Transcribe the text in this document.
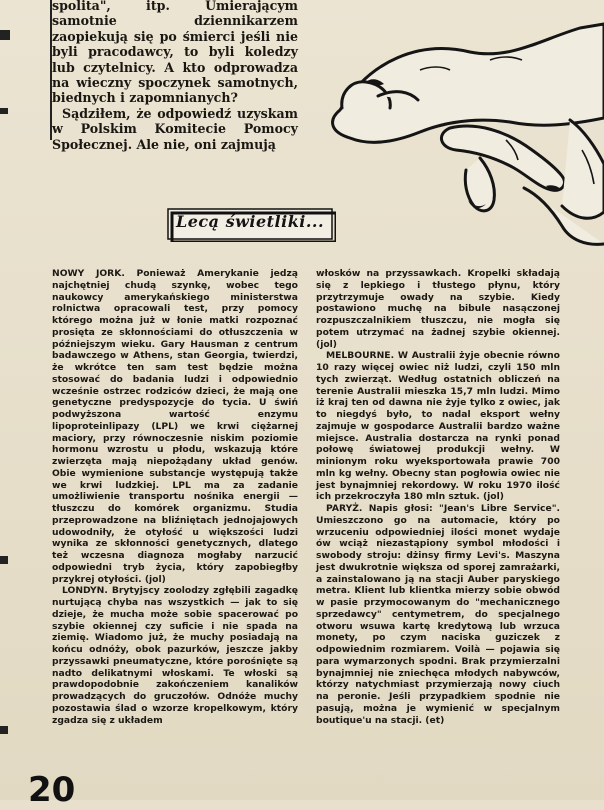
spolita", itp. Umierającym samotnie dziennikarzem zaopiekują się po śmierci jeśli nie byli pracodawcy, to byli koledzy lub czytelnicy. A kto odprowadza na wieczny spoczynek samotnych, biednych i zapomnianych?

Sądziłem, że odpowiedź uzyskam w Polskim Komitecie Pomocy Społecznej. Ale nie, oni zajmują

Lecą świetliki...

NOWY JORK. Ponieważ Amerykanie jedzą najchętniej chudą szynkę, wobec tego naukowcy amerykańskiego ministerstwa rolnictwa opracowali test, przy pomocy którego można już w łonie matki rozpoznać prosięta ze skłonnościami do otłuszczenia w późniejszym wieku. Gary Hausman z centrum badawczego w Athens, stan Georgia, twierdzi, że wkrótce ten sam test będzie można stosować do badania ludzi i odpowiednio wcześnie ostrzec rodziców dzieci, że mają one genetyczne predyspozycje do tycia. U świń podwyższona wartość enzymu lipoproteinlipazy (LPL) we krwi ciężarnej maciory, przy równoczesnie niskim poziomie hormonu wzrostu u płodu, wskazują które zwierzęta mają niepożądany układ genów. Obie wymienione substancje występują także we krwi ludzkiej. LPL ma za zadanie umożliwienie transportu nośnika energii — tłuszczu do komórek organizmu. Studia przeprowadzone na bliźniętach jednojajowych udowodniły, że otyłość u większości ludzi wynika ze skłonności genetycznych, dlatego też wczesna diagnoza mogłaby narzucić odpowiedni tryb życia, który zapobiegłby przykrej otyłości. (jol)

LONDYN. Brytyjscy zoolodzy zgłębili zagadkę nurtującą chyba nas wszystkich — jak to się dzieje, że mucha może sobie spacerować po szybie okiennej czy suficie i nie spada na ziemię. Wiadomo już, że muchy posiadają na końcu odnóży, obok pazurków, jeszcze jakby przyssawki pneumatyczne, które porośnięte są nadto delikatnymi włoskami. Te włoski są prawdopodobnie zakończeniem kanalików prowadzących do gruczołów. Odnóże muchy pozostawia ślad o wzorze kropelkowym, który zgadza się z układem

włosków na przyssawkach. Kropelki składają się z lepkiego i tłustego płynu, który przytrzymuje owady na szybie. Kiedy postawiono muchę na bibule nasączonej rozpuszczalnikiem tłuszczu, nie mogła się potem utrzymać na żadnej szybie okiennej. (jol)

MELBOURNE. W Australii żyje obecnie równo 10 razy więcej owiec niż ludzi, czyli 150 mln tych zwierząt. Według ostatnich obliczeń na terenie Australii mieszka 15,7 mln ludzi. Mimo iż kraj ten od dawna nie żyje tylko z owiec, jak to niegdyś było, to nadal eksport wełny zajmuje w gospodarce Australii bardzo ważne miejsce. Australia dostarcza na rynki ponad połowę światowej produkcji wełny. W minionym roku wyeksportowała prawie 700 mln kg wełny. Obecny stan pogłowia owiec nie jest bynajmniej rekordowy. W roku 1970 ilość ich przekroczyła 180 mln sztuk. (jol)

PARYŻ. Napis głosi: "Jean's Libre Service". Umieszczono go na automacie, który po wrzuceniu odpowiedniej ilości monet wydaje ów wciąż niezastąpiony symbol młodości i swobody stroju: dżinsy firmy Levi's. Maszyna jest dwukrotnie większa od sporej zamrażarki, a zainstalowano ją na stacji Auber paryskiego metra. Klient lub klientka mierzy sobie obwód w pasie przymocowanym do "mechanicznego sprzedawcy" centymetrem, do specjalnego otworu wsuwa kartę kredytową lub wrzuca monety, po czym naciska guziczek z odpowiednim rozmiarem. Voilà — pojawia się para wymarzonych spodni. Brak przymierzalni bynajmniej nie zniechęca młodych nabywców, którzy natychmiast przymierzają nowy ciuch na peronie. Jeśli przypadkiem spodnie nie pasują, można je wymienić w specjalnym boutique'u na stacji. (et)

20
